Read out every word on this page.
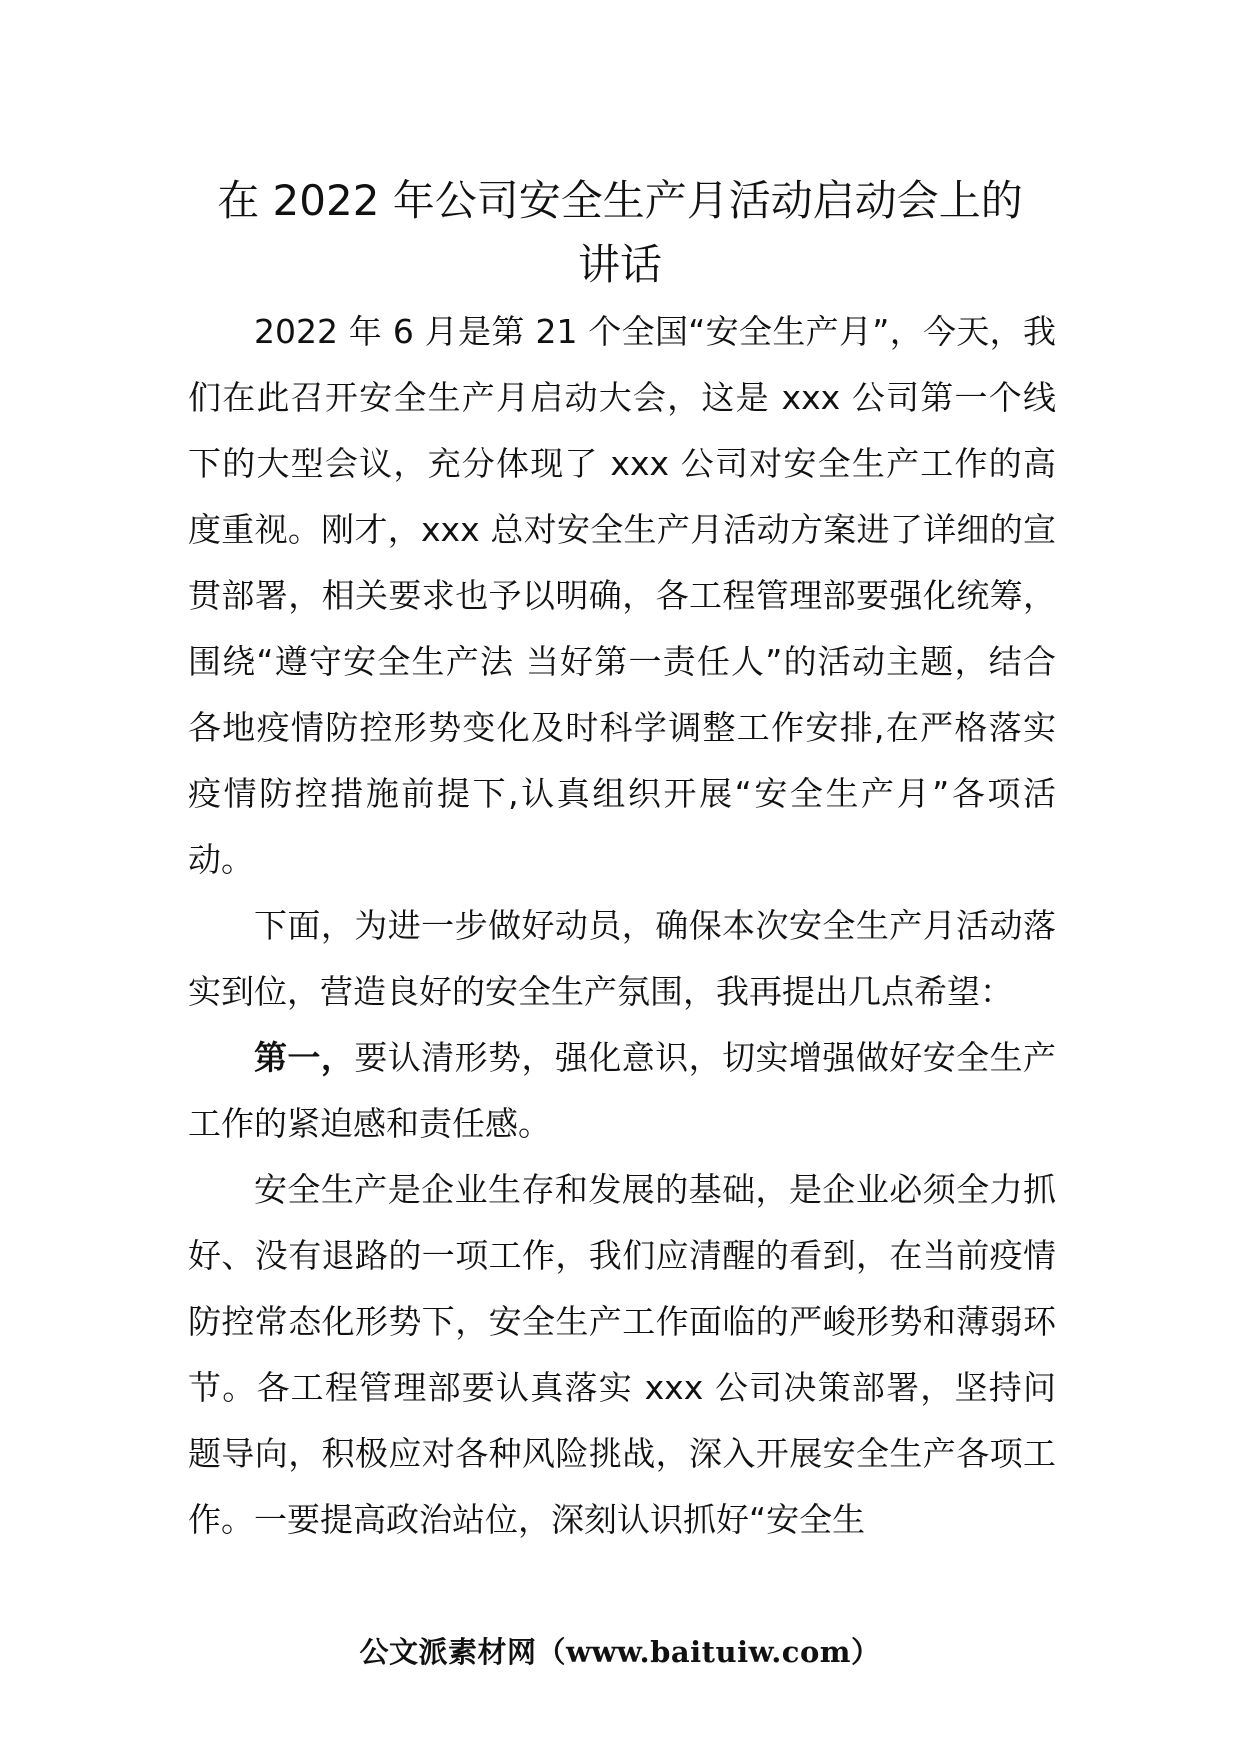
在 2022 年公司安全生产月活动启动会上的
讲话

2022 年 6 月是第 21 个全国“安全生产月”，今天，我们在此召开安全生产月启动大会，这是 xxx 公司第一个线下的大型会议，充分体现了 xxx 公司对安全生产工作的高度重视。刚才，xxx 总对安全生产月活动方案进了详细的宣贯部署，相关要求也予以明确，各工程管理部要强化统筹，围绕“遵守安全生产法 当好第一责任人”的活动主题，结合各地疫情防控形势变化及时科学调整工作安排,在严格落实疫情防控措施前提下,认真组织开展“安全生产月”各项活动。

下面，为进一步做好动员，确保本次安全生产月活动落实到位，营造良好的安全生产氛围，我再提出几点希望：

第一，要认清形势，强化意识，切实增强做好安全生产工作的紧迫感和责任感。

安全生产是企业生存和发展的基础，是企业必须全力抓好、没有退路的一项工作，我们应清醒的看到，在当前疫情防控常态化形势下，安全生产工作面临的严峻形势和薄弱环节。各工程管理部要认真落实 xxx 公司决策部署，坚持问题导向，积极应对各种风险挑战，深入开展安全生产各项工作。一要提高政治站位，深刻认识抓好“安全生

公文派素材网（www.baituiw.com）
